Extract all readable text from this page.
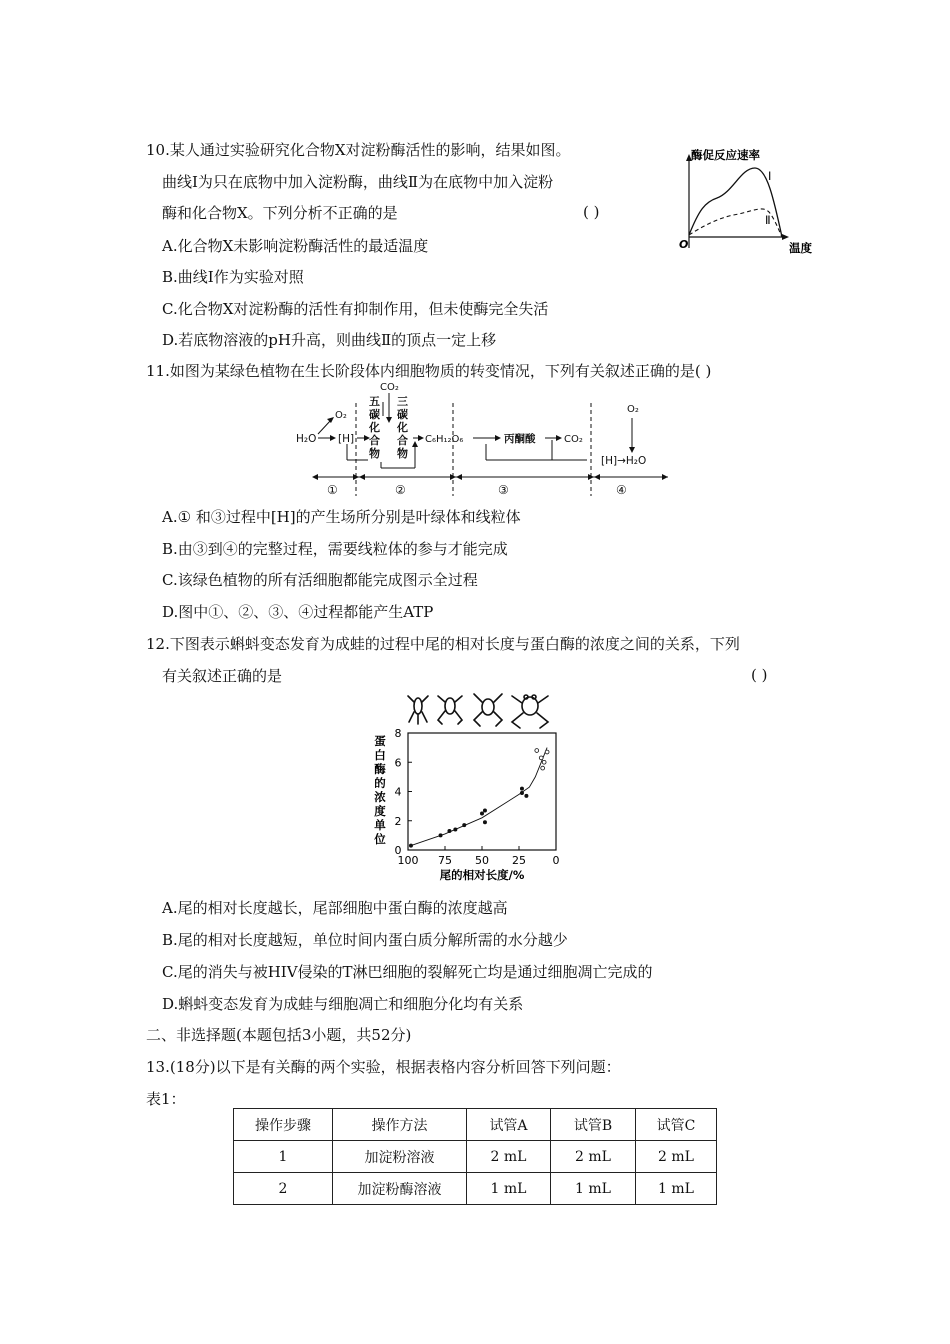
10.某人通过实验研究化合物X对淀粉酶活性的影响，结果如图。
曲线Ⅰ为只在底物中加入淀粉酶，曲线Ⅱ为在底物中加入淀粉
酶和化合物X。下列分析不正确的是	( )
A.化合物X未影响淀粉酶活性的最适温度
B.曲线Ⅰ作为实验对照
C.化合物X对淀粉酶的活性有抑制作用，但未使酶完全失活
D.若底物溶液的pH升高，则曲线Ⅱ的顶点一定上移
酶促反应速率
温度
O
Ⅰ
Ⅱ
11.如图为某绿色植物在生长阶段体内细胞物质的转变情况，下列有关叙述正确的是( )
H₂O
O₂
[H]
CO₂
五
碳
化
合
物
三
碳
化
合
物
C₆H₁₂O₆	丙酮酸	CO₂
O₂
[H]→H₂O
①	②	③	④
A.① 和③过程中[H]的产生场所分别是叶绿体和线粒体
B.由③到④的完整过程，需要线粒体的参与才能完成
C.该绿色植物的所有活细胞都能完成图示全过程
D.图中①、②、③、④过程都能产生ATP
12.下图表示蝌蚪变态发育为成蛙的过程中尾的相对长度与蛋白酶的浓度之间的关系，下列
有关叙述正确的是	( )
0
2
4
6
8
100 75 50 25 0
尾的相对长度/%
蛋
白
酶
的
浓
度
单
位
A.尾的相对长度越长，尾部细胞中蛋白酶的浓度越高
B.尾的相对长度越短，单位时间内蛋白质分解所需的水分越少
C.尾的消失与被HIV侵染的T淋巴细胞的裂解死亡均是通过细胞凋亡完成的
D.蝌蚪变态发育为成蛙与细胞凋亡和细胞分化均有关系
二、非选择题(本题包括3小题，共52分)
13.(18分)以下是有关酶的两个实验，根据表格内容分析回答下列问题：
表1：
操作步骤	操作方法	试管A	试管B	试管C
1	加淀粉溶液	2 mL	2 mL	2 mL
2	加淀粉酶溶液	1 mL	1 mL	1 mL
